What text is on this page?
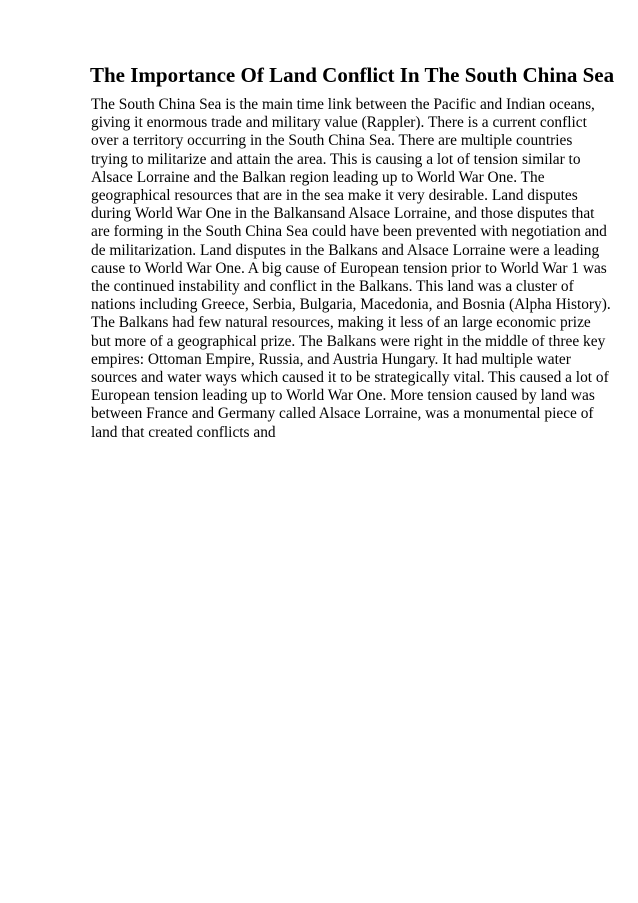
The Importance Of Land Conflict In The South China Sea
The South China Sea is the main time link between the Pacific and Indian oceans,
giving it enormous trade and military value (Rappler). There is a current conflict
over a territory occurring in the South China Sea. There are multiple countries
trying to militarize and attain the area. This is causing a lot of tension similar to
Alsace Lorraine and the Balkan region leading up to World War One. The
geographical resources that are in the sea make it very desirable. Land disputes
during World War One in the Balkansand Alsace Lorraine, and those disputes that
are forming in the South China Sea could have been prevented with negotiation and
de militarization. Land disputes in the Balkans and Alsace Lorraine were a leading
cause to World War One. A big cause of European tension prior to World War 1 was
the continued instability and conflict in the Balkans. This land was a cluster of
nations including Greece, Serbia, Bulgaria, Macedonia, and Bosnia (Alpha History).
The Balkans had few natural resources, making it less of an large economic prize
but more of a geographical prize. The Balkans were right in the middle of three key
empires: Ottoman Empire, Russia, and Austria Hungary. It had multiple water
sources and water ways which caused it to be strategically vital. This caused a lot of
European tension leading up to World War One. More tension caused by land was
between France and Germany called Alsace Lorraine, was a monumental piece of
land that created conflicts and
